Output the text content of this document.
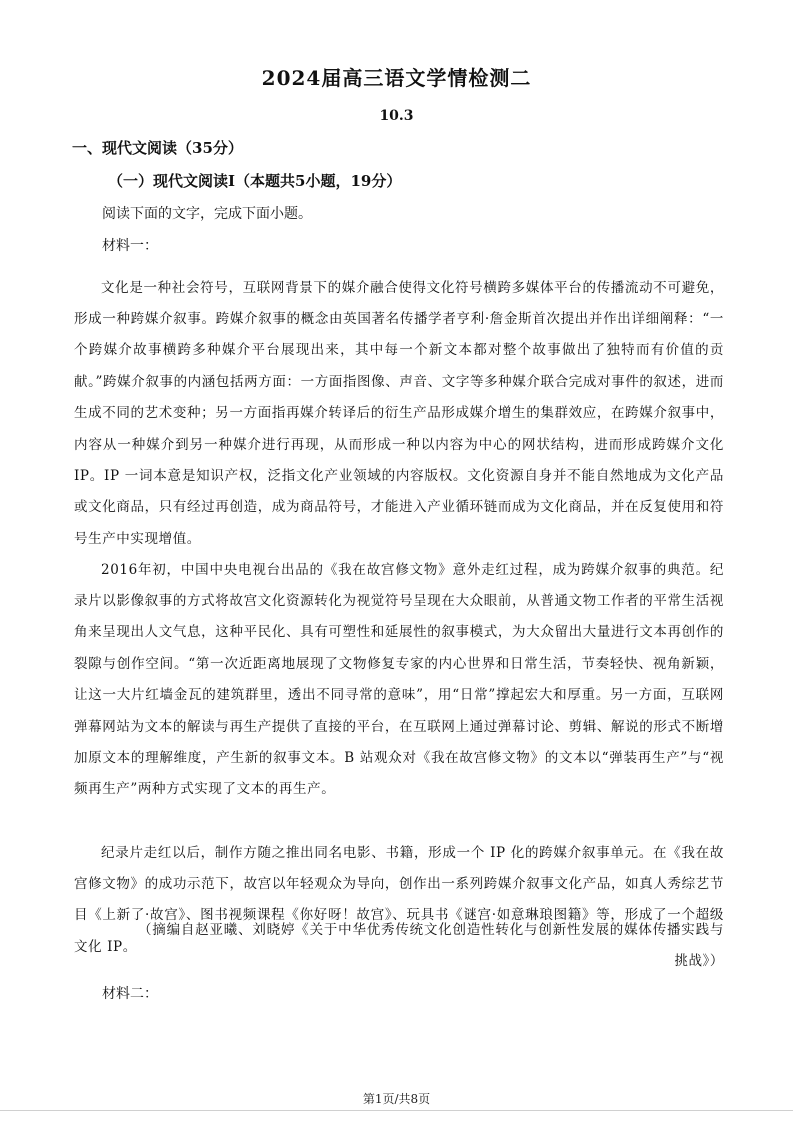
2024届高三语文学情检测二
10.3
一、现代文阅读（35分）
（一）现代文阅读Ⅰ（本题共5小题，19分）
阅读下面的文字，完成下面小题。
材料一：

文化是一种社会符号，互联网背景下的媒介融合使得文化符号横跨多媒体平台的传播流动不可避免，形成一种跨媒介叙事。跨媒介叙事的概念由英国著名传播学者亨利·詹金斯首次提出并作出详细阐释：“一个跨媒介故事横跨多种媒介平台展现出来，其中每一个新文本都对整个故事做出了独特而有价值的贡献。”跨媒介叙事的内涵包括两方面：一方面指图像、声音、文字等多种媒介联合完成对事件的叙述，进而生成不同的艺术变种；另一方面指再媒介转译后的衍生产品形成媒介增生的集群效应，在跨媒介叙事中，内容从一种媒介到另一种媒介进行再现，从而形成一种以内容为中心的网状结构，进而形成跨媒介文化 IP。IP 一词本意是知识产权，泛指文化产业领域的内容版权。文化资源自身并不能自然地成为文化产品或文化商品，只有经过再创造，成为商品符号，才能进入产业循环链而成为文化商品，并在反复使用和符号生产中实现增值。

2016年初，中国中央电视台出品的《我在故宫修文物》意外走红过程，成为跨媒介叙事的典范。纪录片以影像叙事的方式将故宫文化资源转化为视觉符号呈现在大众眼前，从普通文物工作者的平常生活视角来呈现出人文气息，这种平民化、具有可塑性和延展性的叙事模式，为大众留出大量进行文本再创作的裂隙与创作空间。“第一次近距离地展现了文物修复专家的内心世界和日常生活，节奏轻快、视角新颖，让这一大片红墙金瓦的建筑群里，透出不同寻常的意味”，用“日常”撑起宏大和厚重。另一方面，互联网弹幕网站为文本的解读与再生产提供了直接的平台，在互联网上通过弹幕讨论、剪辑、解说的形式不断增加原文本的理解维度，产生新的叙事文本。B 站观众对《我在故宫修文物》的文本以“弹装再生产”与“视频再生产”两种方式实现了文本的再生产。

纪录片走红以后，制作方随之推出同名电影、书籍，形成一个 IP 化的跨媒介叙事单元。在《我在故宫修文物》的成功示范下，故宫以年轻观众为导向，创作出一系列跨媒介叙事文化产品，如真人秀综艺节目《上新了·故宫》、图书视频课程《你好呀！故宫》、玩具书《谜宫·如意琳琅图籍》等，形成了一个超级文化 IP。

（摘编自赵亚曦、刘晓婷《关于中华优秀传统文化创造性转化与创新性发展的媒体传播实践与挑战》）
材料二：
第1页/共8页
